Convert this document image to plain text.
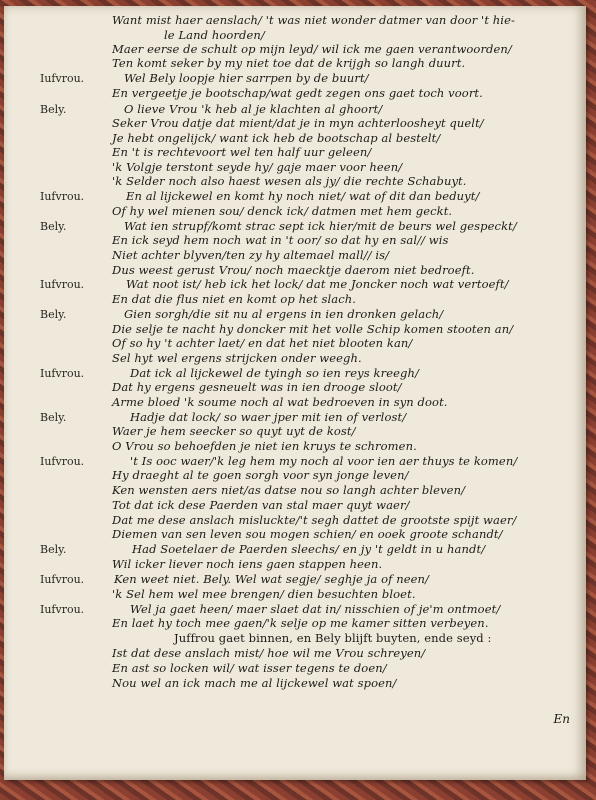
Want mist haer aenslach/ 't was niet wonder datmer van door 't hie-
le Land hoorden/
Maer eerse de schult op mijn leyd/ wil ick me gaen verantwoorden/
Ten komt seker by my niet toe dat de krijgh so langh duurt.
Iufvrou.	Wel Bely loopje hier sarrpen by de buurt/
En vergeetje je bootschap/wat gedt zegen ons gaet toch voort.
Bely.	O lieve Vrou 'k heb al je klachten al ghoort/
Seker Vrou datje dat mient/dat je in myn achterloosheyt quelt/
Je hebt ongelijck/ want ick heb de bootschap al bestelt/
En 't is rechtevoort wel ten half uur geleen/
'k Volgje terstont seyde hy/ gaje maer voor heen/
'k Selder noch also haest wesen als jy/ die rechte Schabuyt.
Iufvrou.	En al lijckewel en komt hy noch niet/ wat of dit dan beduyt/
Of hy wel mienen sou/ denck ick/ datmen met hem geckt.
Bely.	Wat ien strupf/komt strac sept ick hier/mit de beurs wel gespeckt/
En ick seyd hem noch wat in 't oor/ so dat hy en sal// wis
Niet achter blyven/ten zy hy altemael mall// is/
Dus weest gerust Vrou/ noch maecktje daerom niet bedroeft.
Iufvrou.	Wat noot ist/ heb ick het lock/ dat me Joncker noch wat vertoeft/
En dat die flus niet en komt op het slach.
Bely.	Gien sorgh/die sit nu al ergens in ien dronken gelach/
Die selje te nacht hy doncker mit het volle Schip komen stooten an/
Of so hy 't achter laet/ en dat het niet blooten kan/
Sel hyt wel ergens strijcken onder weegh.
Iufvrou.	Dat ick al lijckewel de tyingh so ien reys kreegh/
Dat hy ergens gesneuelt was in ien drooge sloot/
Arme bloed 'k soume noch al wat bedroeven in syn doot.
Bely.	Hadje dat lock/ so waer jper mit ien of verlost/
Waer je hem seecker so quyt uyt de kost/
O Vrou so behoefden je niet ien kruys te schromen.
Iufvrou.	't Is ooc waer/'k leg hem my noch al voor ien aer thuys te komen/
Hy draeght al te goen sorgh voor syn jonge leven/
Ken wensten aers niet/as datse nou so langh achter bleven/
Tot dat ick dese Paerden van stal maer quyt waer/
Dat me dese anslach misluckte/'t segh dattet de grootste spijt waer/
Diemen van sen leven sou mogen schien/ en ooek groote schandt/
Bely.	Had Soetelaer de Paerden sleechs/ en jy 't geldt in u handt/
Wil icker liever noch iens gaen stappen heen.
Iufvrou.	Ken weet niet. Bely. Wel wat segje/ seghje ja of neen/
'k Sel hem wel mee brengen/ dien besuchten bloet.
Iufvrou.	Wel ja gaet heen/ maer slaet dat in/ nisschien of je'm ontmoet/
En laet hy toch mee gaen/'k selje op me kamer sitten verbeyen.
Juffrou gaet binnen, en Bely blijft buyten, ende seyd :
Ist dat dese anslach mist/ hoe wil me Vrou schreyen/
En ast so locken wil/ wat isser tegens te doen/
Nou wel an ick mach me al lijckewel wat spoen/
En
